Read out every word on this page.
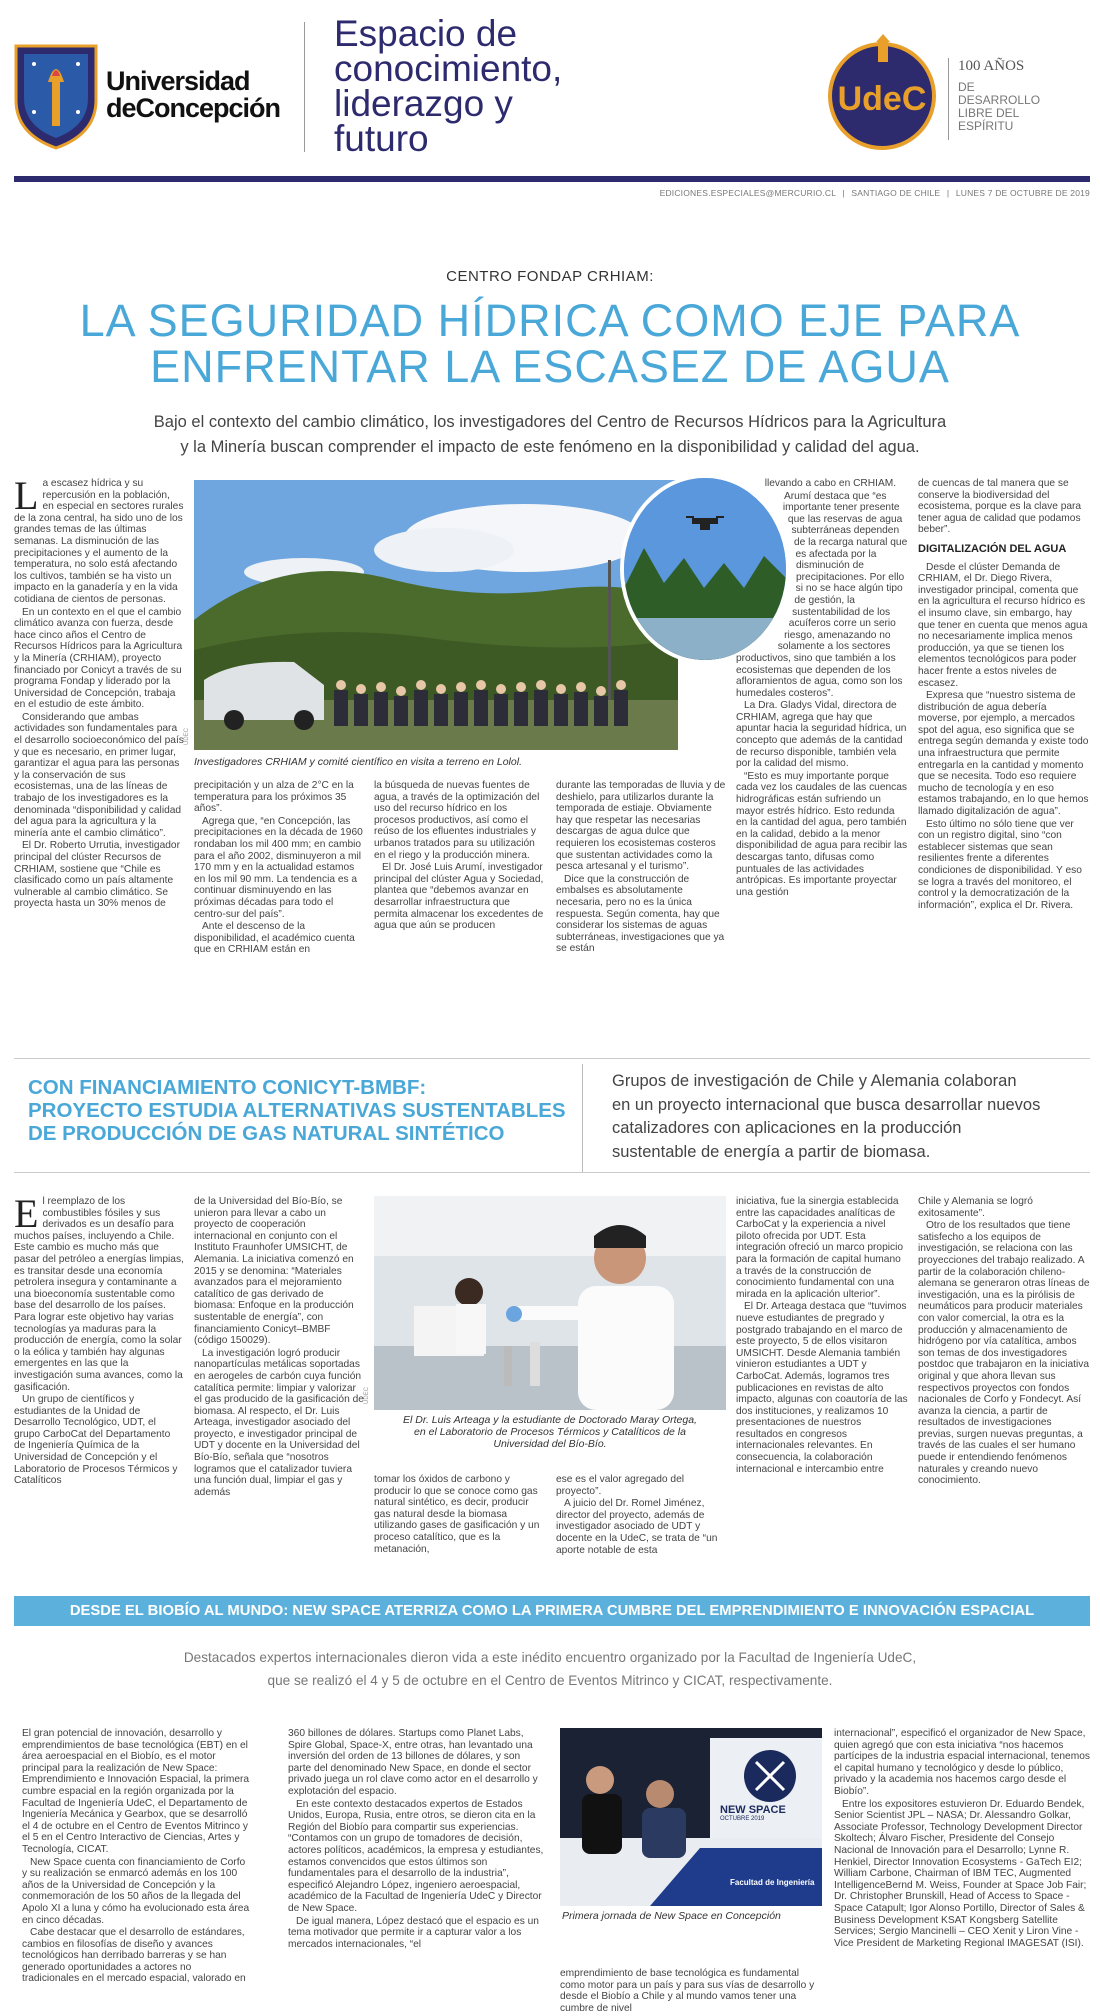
Universidad
deConcepción
Espacio de
conocimiento,
liderazgo y
futuro
UdeC
100 AÑOS
DE
DESARROLLO
LIBRE DEL
ESPÍRITU
EDICIONES.ESPECIALES@MERCURIO.CL | SANTIAGO DE CHILE | LUNES 7 DE OCTUBRE DE 2019
CENTRO FONDAP CRHIAM:
LA SEGURIDAD HÍDRICA COMO EJE PARA
ENFRENTAR LA ESCASEZ DE AGUA
Bajo el contexto del cambio climático, los investigadores del Centro de Recursos Hídricos para la Agricultura
y la Minería buscan comprender el impacto de este fenómeno en la disponibilidad y calidad del agua.
Investigadores CRHIAM y comité científico en visita a terreno en Lolol.
UDEC

La escasez hídrica y su repercusión en la población, en especial en sectores rurales de la zona central, ha sido uno de los grandes temas de las últimas semanas. La disminución de las precipitaciones y el aumento de la temperatura, no solo está afectando los cultivos, también se ha visto un impacto en la ganadería y en la vida cotidiana de cientos de personas.

En un contexto en el que el cambio climático avanza con fuerza, desde hace cinco años el Centro de Recursos Hídricos para la Agricultura y la Minería (CRHIAM), proyecto financiado por Conicyt a través de su programa Fondap y liderado por la Universidad de Concepción, trabaja en el estudio de este ámbito.

Considerando que ambas actividades son fundamentales para el desarrollo socioeconómico del país y que es necesario, en primer lugar, garantizar el agua para las personas y la conservación de sus ecosistemas, una de las líneas de trabajo de los investigadores es la denominada “disponibilidad y calidad del agua para la agricultura y la minería ante el cambio climático”.

El Dr. Roberto Urrutia, investigador principal del clúster Recursos de CRHIAM, sostiene que “Chile es clasificado como un país altamente vulnerable al cambio climático. Se proyecta hasta un 30% menos de

precipitación y un alza de 2°C en la temperatura para los próximos 35 años”.

Agrega que, “en Concepción, las precipitaciones en la década de 1960 rondaban los mil 400 mm; en cambio para el año 2002, disminuyeron a mil 170 mm y en la actualidad estamos en los mil 90 mm. La tendencia es a continuar disminuyendo en las próximas décadas para todo el centro-sur del país”.

Ante el descenso de la disponibilidad, el académico cuenta que en CRHIAM están en

la búsqueda de nuevas fuentes de agua, a través de la optimización del uso del recurso hídrico en los procesos productivos, así como el reúso de los efluentes industriales y urbanos tratados para su utilización en el riego y la producción minera.

El Dr. José Luis Arumí, investigador principal del clúster Agua y Sociedad, plantea que “debemos avanzar en desarrollar infraestructura que permita almacenar los excedentes de agua que aún se producen

durante las temporadas de lluvia y de deshielo, para utilizarlos durante la temporada de estiaje. Obviamente hay que respetar las necesarias descargas de agua dulce que requieren los ecosistemas costeros que sustentan actividades como la pesca artesanal y el turismo”.

Dice que la construcción de embalses es absolutamente necesaria, pero no es la única respuesta. Según comenta, hay que considerar los sistemas de aguas subterráneas, investigaciones que ya se están

llevando a cabo en CRHIAM.

Arumí destaca que “es importante tener presente que las reservas de agua subterráneas dependen de la recarga natural que es afectada por la disminución de precipitaciones. Por ello si no se hace algún tipo de gestión, la sustentabilidad de los acuíferos corre un serio riesgo, amenazando no solamente a los sectores productivos, sino que también a los ecosistemas que dependen de los afloramientos de agua, como son los humedales costeros”.

La Dra. Gladys Vidal, directora de CRHIAM, agrega que hay que apuntar hacia la seguridad hídrica, un concepto que además de la cantidad de recurso disponible, también vela por la calidad del mismo.

“Esto es muy importante porque cada vez los caudales de las cuencas hidrográficas están sufriendo un mayor estrés hídrico. Esto redunda en la cantidad del agua, pero también en la calidad, debido a la menor disponibilidad de agua para recibir las descargas tanto, difusas como puntuales de las actividades antrópicas. Es importante proyectar una gestión

de cuencas de tal manera que se conserve la biodiversidad del ecosistema, porque es la clave para tener agua de calidad que podamos beber”.

DIGITALIZACIÓN DEL AGUA

Desde el clúster Demanda de CRHIAM, el Dr. Diego Rivera, investigador principal, comenta que en la agricultura el recurso hídrico es el insumo clave, sin embargo, hay que tener en cuenta que menos agua no necesariamente implica menos producción, ya que se tienen los elementos tecnológicos para poder hacer frente a estos niveles de escasez.

Expresa que “nuestro sistema de distribución de agua debería moverse, por ejemplo, a mercados spot del agua, eso significa que se entrega según demanda y existe todo una infraestructura que permite entregarla en la cantidad y momento que se necesita. Todo eso requiere mucho de tecnología y en eso estamos trabajando, en lo que hemos llamado digitalización de agua”.

Esto último no sólo tiene que ver con un registro digital, sino “con establecer sistemas que sean resilientes frente a diferentes condiciones de disponibilidad. Y eso se logra a través del monitoreo, el control y la democratización de la información”, explica el Dr. Rivera.

CON FINANCIAMIENTO CONICYT-BMBF:
PROYECTO ESTUDIA ALTERNATIVAS SUSTENTABLES
DE PRODUCCIÓN DE GAS NATURAL SINTÉTICO
Grupos de investigación de Chile y Alemania colaboran
en un proyecto internacional que busca desarrollar nuevos
catalizadores con aplicaciones en la producción
sustentable de energía a partir de biomasa.
El Dr. Luis Arteaga y la estudiante de Doctorado Maray Ortega,
en el Laboratorio de Procesos Térmicos y Catalíticos de la
Universidad del Bío-Bío.
UDEC

El reemplazo de los combustibles fósiles y sus derivados es un desafío para muchos países, incluyendo a Chile. Este cambio es mucho más que pasar del petróleo a energías limpias, es transitar desde una economía petrolera insegura y contaminante a una bioeconomía sustentable como base del desarrollo de los países. Para lograr este objetivo hay varias tecnologías ya maduras para la producción de energía, como la solar o la eólica y también hay algunas emergentes en las que la investigación suma avances, como la gasificación.

Un grupo de científicos y estudiantes de la Unidad de Desarrollo Tecnológico, UDT, el grupo CarboCat del Departamento de Ingeniería Química de la Universidad de Concepción y el Laboratorio de Procesos Térmicos y Catalíticos

de la Universidad del Bío-Bío, se unieron para llevar a cabo un proyecto de cooperación internacional en conjunto con el Instituto Fraunhofer UMSICHT, de Alemania. La iniciativa comenzó en 2015 y se denomina: “Materiales avanzados para el mejoramiento catalítico de gas derivado de biomasa: Enfoque en la producción sustentable de energía”, con financiamiento Conicyt–BMBF (código 150029).

La investigación logró producir nanopartículas metálicas soportadas en aerogeles de carbón cuya función catalítica permite: limpiar y valorizar el gas producido de la gasificación de biomasa. Al respecto, el Dr. Luis Arteaga, investigador asociado del proyecto, e investigador principal de UDT y docente en la Universidad del Bío-Bío, señala que “nosotros logramos que el catalizador tuviera una función dual, limpiar el gas y además

tomar los óxidos de carbono y producir lo que se conoce como gas natural sintético, es decir, producir gas natural desde la biomasa utilizando gases de gasificación y un proceso catalítico, que es la metanación,

ese es el valor agregado del proyecto”.

A juicio del Dr. Romel Jiménez, director del proyecto, además de investigador asociado de UDT y docente en la UdeC, se trata de “un aporte notable de esta

iniciativa, fue la sinergia establecida entre las capacidades analíticas de CarboCat y la experiencia a nivel piloto ofrecida por UDT. Esta integración ofreció un marco propicio para la formación de capital humano a través de la construcción de conocimiento fundamental con una mirada en la aplicación ulterior”.

El Dr. Arteaga destaca que “tuvimos nueve estudiantes de pregrado y postgrado trabajando en el marco de este proyecto, 5 de ellos visitaron UMSICHT. Desde Alemania también vinieron estudiantes a UDT y CarboCat. Además, logramos tres publicaciones en revistas de alto impacto, algunas con coautoría de las dos instituciones, y realizamos 10 presentaciones de nuestros resultados en congresos internacionales relevantes. En consecuencia, la colaboración internacional e intercambio entre

Chile y Alemania se logró exitosamente”.

Otro de los resultados que tiene satisfecho a los equipos de investigación, se relaciona con las proyecciones del trabajo realizado. A partir de la colaboración chileno-alemana se generaron otras líneas de investigación, una es la pirólisis de neumáticos para producir materiales con valor comercial, la otra es la producción y almacenamiento de hidrógeno por vía catalítica, ambos son temas de dos investigadores postdoc que trabajaron en la iniciativa original y que ahora llevan sus respectivos proyectos con fondos nacionales de Corfo y Fondecyt. Así avanza la ciencia, a partir de resultados de investigaciones previas, surgen nuevas preguntas, a través de las cuales el ser humano puede ir entendiendo fenómenos naturales y creando nuevo conocimiento.

DESDE EL BIOBÍO AL MUNDO: NEW SPACE ATERRIZA COMO LA PRIMERA CUMBRE DEL EMPRENDIMIENTO E INNOVACIÓN ESPACIAL
Destacados expertos internacionales dieron vida a este inédito encuentro organizado por la Facultad de Ingeniería UdeC,
que se realizó el 4 y 5 de octubre en el Centro de Eventos Mitrinco y CICAT, respectivamente.
NEW SPACE
OCTUBRE 2019
Facultad de Ingeniería
Primera jornada de New Space en Concepción

El gran potencial de innovación, desarrollo y emprendimientos de base tecnológica (EBT) en el área aeroespacial en el Biobío, es el motor principal para la realización de New Space: Emprendimiento e Innovación Espacial, la primera cumbre espacial en la región organizada por la Facultad de Ingeniería UdeC, el Departamento de Ingeniería Mecánica y Gearbox, que se desarrolló el 4 de octubre en el Centro de Eventos Mitrinco y el 5 en el Centro Interactivo de Ciencias, Artes y Tecnología, CICAT.

New Space cuenta con financiamiento de Corfo y su realización se enmarcó además en los 100 años de la Universidad de Concepción y la conmemoración de los 50 años de la llegada del Apolo XI a luna y cómo ha evolucionado esta área en cinco décadas.

Cabe destacar que el desarrollo de estándares, cambios en filosofías de diseño y avances tecnológicos han derribado barreras y se han generado oportunidades a actores no tradicionales en el mercado espacial, valorado en

360 billones de dólares. Startups como Planet Labs, Spire Global, Space-X, entre otras, han levantado una inversión del orden de 13 billones de dólares, y son parte del denominado New Space, en donde el sector privado juega un rol clave como actor en el desarrollo y explotación del espacio.

En este contexto destacados expertos de Estados Unidos, Europa, Rusia, entre otros, se dieron cita en la Región del Biobío para compartir sus experiencias. “Contamos con un grupo de tomadores de decisión, actores políticos, académicos, la empresa y estudiantes, estamos convencidos que estos últimos son fundamentales para el desarrollo de la industria”, especificó Alejandro López, ingeniero aeroespacial, académico de la Facultad de Ingeniería UdeC y Director de New Space.

De igual manera, López destacó que el espacio es un tema motivador que permite ir a capturar valor a los mercados internacionales, “el

emprendimiento de base tecnológica es fundamental como motor para un país y para sus vías de desarrollo y desde el Biobío a Chile y al mundo vamos tener una cumbre de nivel

internacional”, especificó el organizador de New Space, quien agregó que con esta iniciativa “nos hacemos partícipes de la industria espacial internacional, tenemos el capital humano y tecnológico y desde lo público, privado y la academia nos hacemos cargo desde el Biobío”.

Entre los expositores estuvieron Dr. Eduardo Bendek, Senior Scientist JPL – NASA; Dr. Alessandro Golkar, Associate Professor, Technology Development Director Skoltech; Álvaro Fischer, Presidente del Consejo Nacional de Innovación para el Desarrollo; Lynne R. Henkiel, Director Innovation Ecosystems - GaTech EI2; William Carbone, Chairman of IBM TEC, Augmented IntelligenceBernd M. Weiss, Founder at Space Job Fair; Dr. Christopher Brunskill, Head of Access to Space - Space Catapult; Igor Alonso Portillo, Director of Sales & Business Development KSAT Kongsberg Satellite Services; Sergio Mancinelli – CEO Xenit y Liron Vine - Vice President de Marketing Regional IMAGESAT (ISI).
